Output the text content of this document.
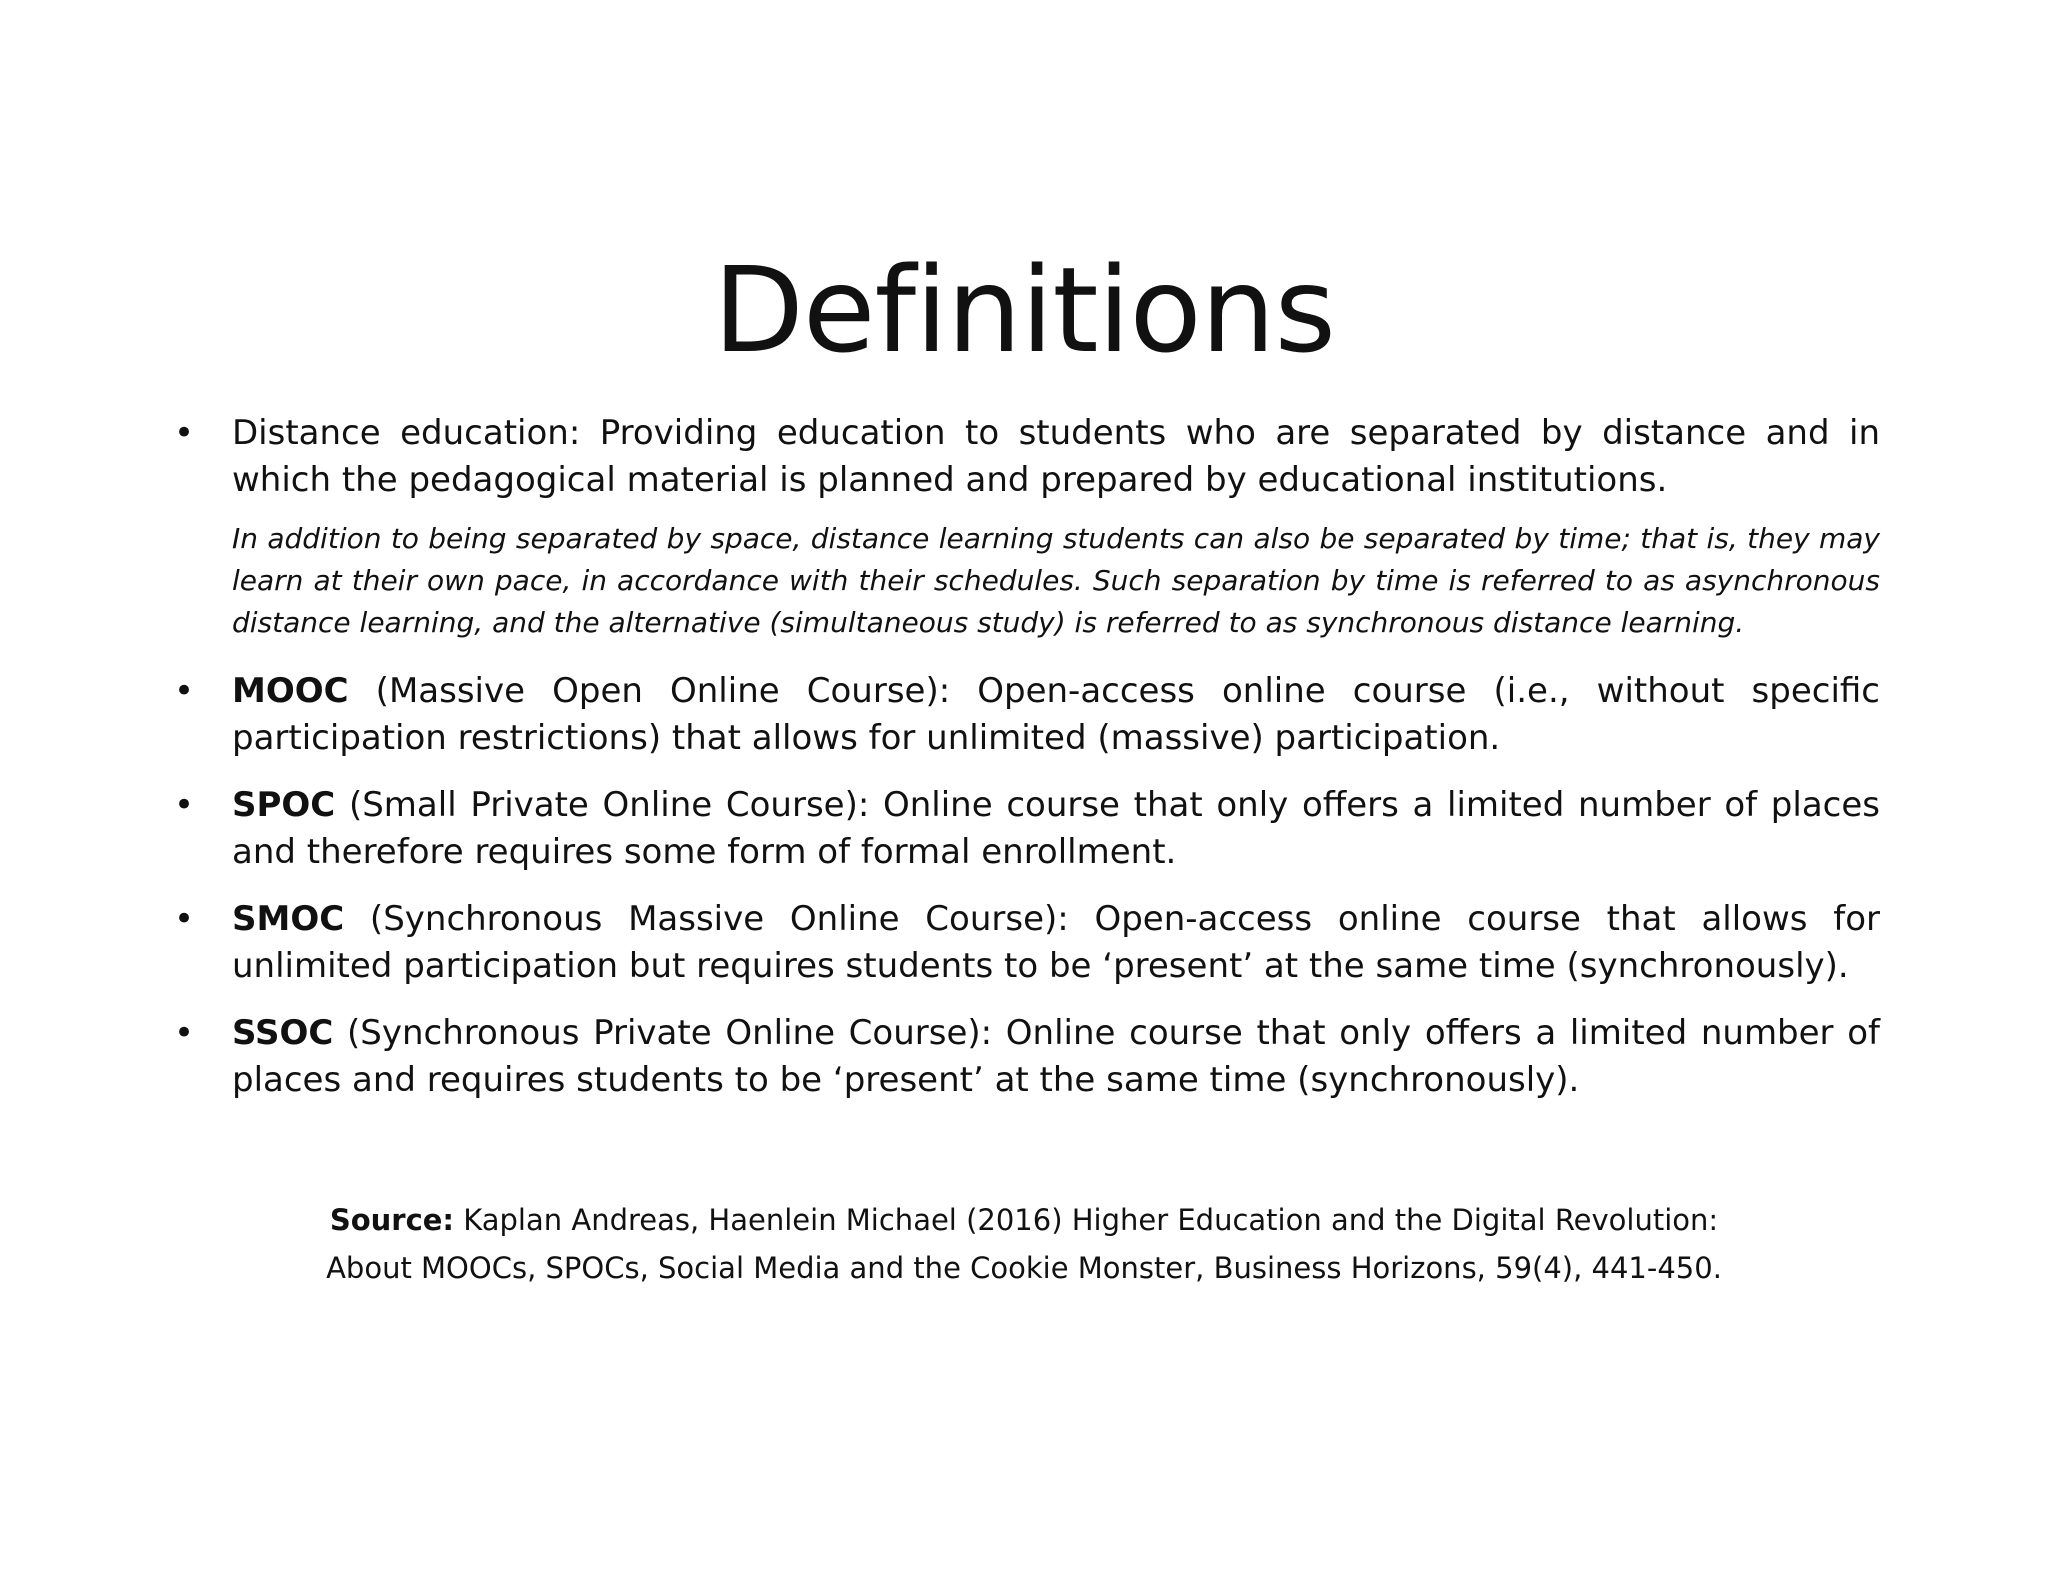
Definitions
• Distance education: Providing education to students who are separated by distance and in which the pedagogical material is planned and prepared by educational institutions.
In addition to being separated by space, distance learning students can also be separated by time; that is, they may learn at their own pace, in accordance with their schedules. Such separation by time is referred to as asynchronous distance learning, and the alternative (simultaneous study) is referred to as synchronous distance learning.
• MOOC (Massive Open Online Course): Open-access online course (i.e., without specific participation restrictions) that allows for unlimited (massive) participation.
• SPOC (Small Private Online Course): Online course that only offers a limited number of places and therefore requires some form of formal enrollment.
• SMOC (Synchronous Massive Online Course): Open-access online course that allows for unlimited participation but requires students to be ‘present’ at the same time (synchronously).
• SSOC (Synchronous Private Online Course): Online course that only offers a limited number of places and requires students to be ‘present’ at the same time (synchronously).
Source: Kaplan Andreas, Haenlein Michael (2016) Higher Education and the Digital Revolution:
About MOOCs, SPOCs, Social Media and the Cookie Monster, Business Horizons, 59(4), 441-450.
